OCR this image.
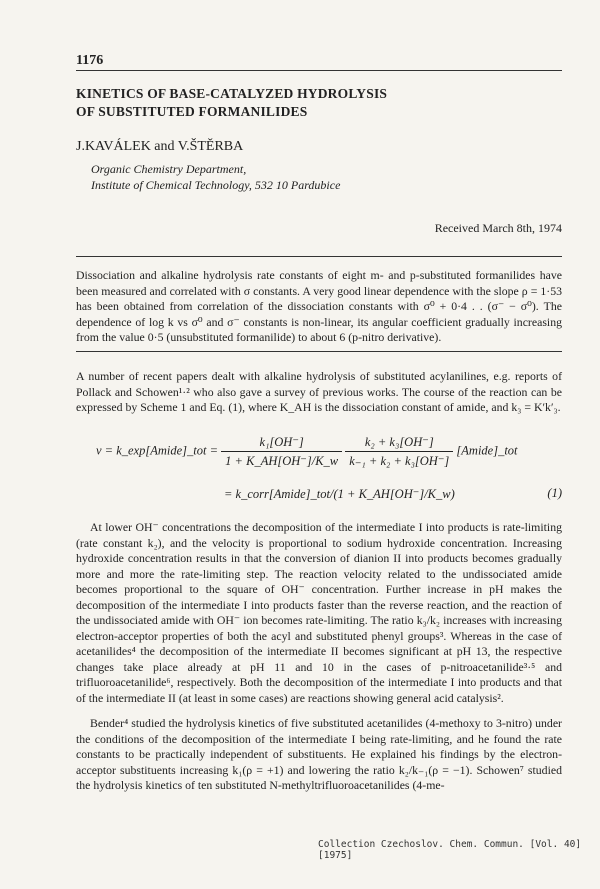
1176
KINETICS OF BASE-CATALYZED HYDROLYSIS
OF SUBSTITUTED FORMANILIDES
J.KAVÁLEK and V.ŠTĚRBA
Organic Chemistry Department,
Institute of Chemical Technology, 532 10 Pardubice
Received March 8th, 1974
Dissociation and alkaline hydrolysis rate constants of eight m- and p-substituted formanilides have been measured and correlated with σ constants. A very good linear dependence with the slope ρ = 1·53 has been obtained from correlation of the dissociation constants with σ⁰ + 0·4 . . (σ⁻ − σ⁰). The dependence of log k vs σ⁰ and σ⁻ constants is non-linear, its angular coefficient gradually increasing from the value 0·5 (unsubstituted formanilide) to about 6 (p-nitro derivative).

A number of recent papers dealt with alkaline hydrolysis of substituted acylanilines, e.g. reports of Pollack and Schowen¹·² who also gave a survey of previous works. The course of the reaction can be expressed by Scheme 1 and Eq. (1), where K_AH is the dissociation constant of amide, and k₃ = K′k′₃.

v = k_exp[Amide]_tot = $\frac{\text{k₁[OH⁻]}}{1 + K\_AH[OH^-]/K\_w}$
$\frac{\text{k₂ + k₃[OH⁻]}}{\text{k₋₁ + k₂ + k₃[OH⁻]}}$ [Amide]_tot
= k_corr[Amide]_tot/(1 + K_AH[OH⁻]/K_w)	(1)

At lower OH⁻ concentrations the decomposition of the intermediate I into products is rate-limiting (rate constant k₂), and the velocity is proportional to sodium hydroxide concentration. Increasing hydroxide concentration results in that the conversion of dianion II into products becomes gradually more and more the rate-limiting step. The reaction velocity related to the undissociated amide becomes proportional to the square of OH⁻ concentration. Further increase in pH makes the decomposition of the intermediate I into products faster than the reverse reaction, and the reaction of the undissociated amide with OH⁻ ion becomes rate-limiting. The ratio k₃/k₂ increases with increasing electron-acceptor properties of both the acyl and substituted phenyl groups³. Whereas in the case of acetanilides⁴ the decomposition of the intermediate II becomes significant at pH 13, the respective changes take place already at pH 11 and 10 in the cases of p-nitroacetanilide³·⁵ and trifluoroacetanilide⁶, respectively. Both the decomposition of the intermediate I into products and that of the intermediate II (at least in some cases) are reactions showing general acid catalysis².

Bender⁴ studied the hydrolysis kinetics of five substituted acetanilides (4-methoxy to 3-nitro) under the conditions of the decomposition of the intermediate I being rate-limiting, and he found the rate constants to be practically independent of substituents. He explained his findings by the electron-acceptor substituents increasing k₁(ρ = +1) and lowering the ratio k₂/k₋₁(ρ = −1). Schowen⁷ studied the hydrolysis kinetics of ten substituted N-methyltrifluoroacetanilides (4-me-

Collection Czechoslov. Chem. Commun. [Vol. 40] [1975]
